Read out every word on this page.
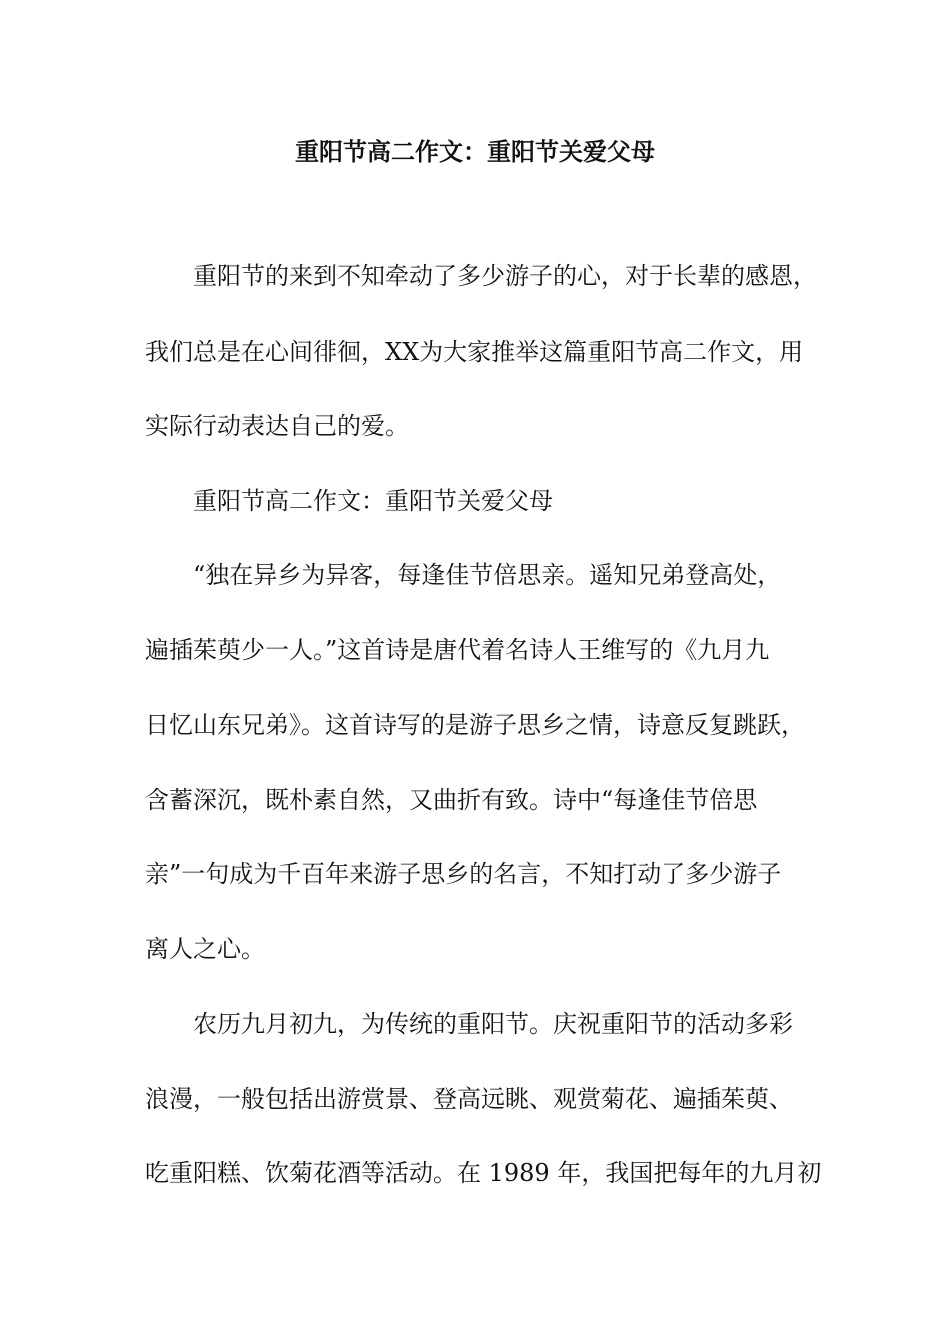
重阳节高二作文：重阳节关爱父母
重阳节的来到不知牵动了多少游子的心，对于长辈的感恩，
我们总是在心间徘徊，XX为大家推举这篇重阳节高二作文，用
实际行动表达自己的爱。
重阳节高二作文：重阳节关爱父母
“独在异乡为异客，每逢佳节倍思亲。遥知兄弟登高处，
遍插茱萸少一人。”这首诗是唐代着名诗人王维写的《九月九
日忆山东兄弟》。这首诗写的是游子思乡之情，诗意反复跳跃，
含蓄深沉，既朴素自然，又曲折有致。诗中“每逢佳节倍思
亲”一句成为千百年来游子思乡的名言，不知打动了多少游子
离人之心。
农历九月初九，为传统的重阳节。庆祝重阳节的活动多彩
浪漫，一般包括出游赏景、登高远眺、观赏菊花、遍插茱萸、
吃重阳糕、饮菊花酒等活动。在 1989 年，我国把每年的九月初
